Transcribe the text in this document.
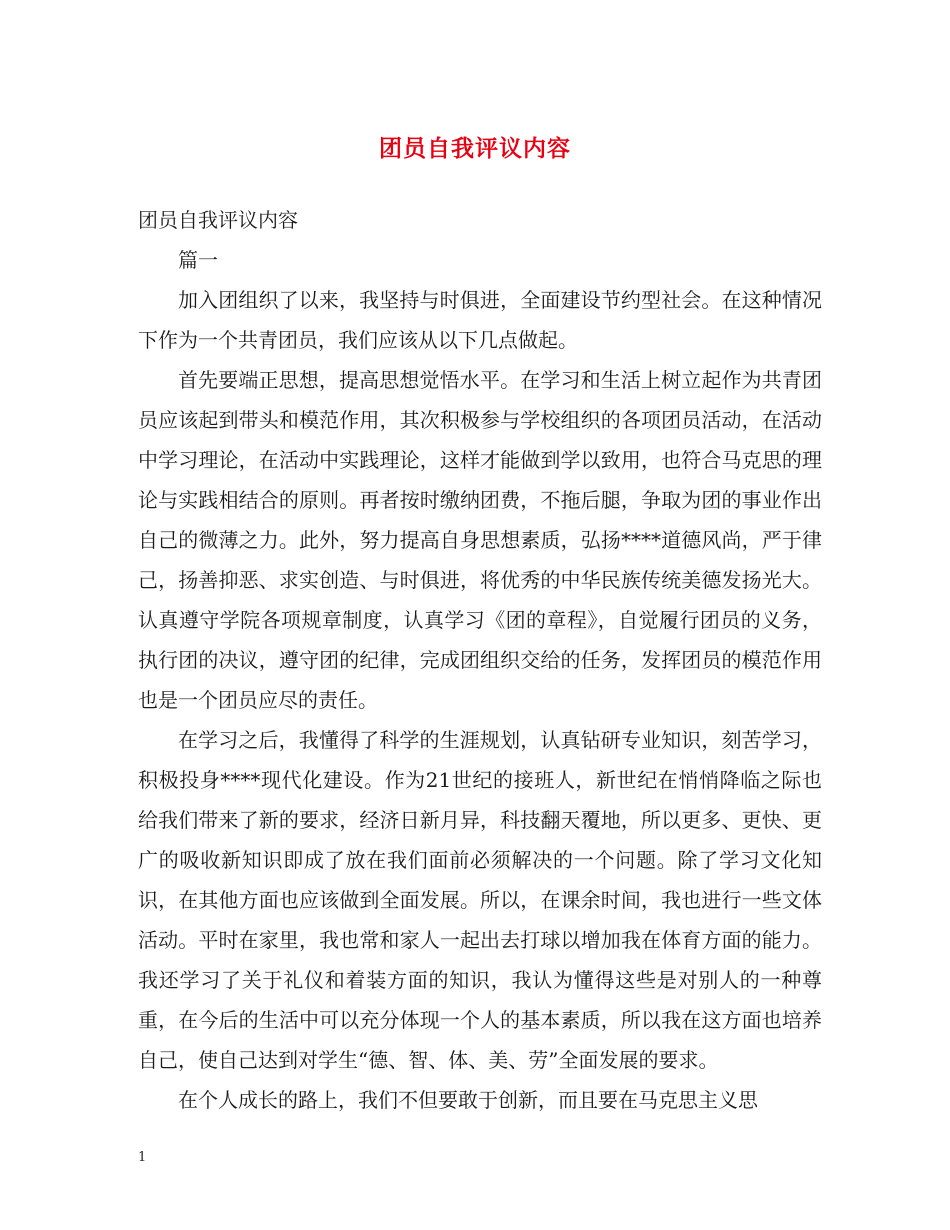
团员自我评议内容

团员自我评议内容

篇一

加入团组织了以来，我坚持与时俱进，全面建设节约型社会。在这种情况下作为一个共青团员，我们应该从以下几点做起。

首先要端正思想，提高思想觉悟水平。在学习和生活上树立起作为共青团员应该起到带头和模范作用，其次积极参与学校组织的各项团员活动，在活动中学习理论，在活动中实践理论，这样才能做到学以致用，也符合马克思的理论与实践相结合的原则。再者按时缴纳团费，不拖后腿，争取为团的事业作出自己的微薄之力。此外，努力提高自身思想素质，弘扬****道德风尚，严于律己，扬善抑恶、求实创造、与时俱进，将优秀的中华民族传统美德发扬光大。认真遵守学院各项规章制度，认真学习《团的章程》，自觉履行团员的义务，执行团的决议，遵守团的纪律，完成团组织交给的任务，发挥团员的模范作用也是一个团员应尽的责任。

在学习之后，我懂得了科学的生涯规划，认真钻研专业知识，刻苦学习，积极投身****现代化建设。作为21世纪的接班人，新世纪在悄悄降临之际也给我们带来了新的要求，经济日新月异，科技翻天覆地，所以更多、更快、更广的吸收新知识即成了放在我们面前必须解决的一个问题。除了学习文化知识，在其他方面也应该做到全面发展。所以，在课余时间，我也进行一些文体活动。平时在家里，我也常和家人一起出去打球以增加我在体育方面的能力。我还学习了关于礼仪和着装方面的知识，我认为懂得这些是对别人的一种尊重，在今后的生活中可以充分体现一个人的基本素质，所以我在这方面也培养自己，使自己达到对学生“德、智、体、美、劳”全面发展的要求。

在个人成长的路上，我们不但要敢于创新，而且要在马克思主义思

1
